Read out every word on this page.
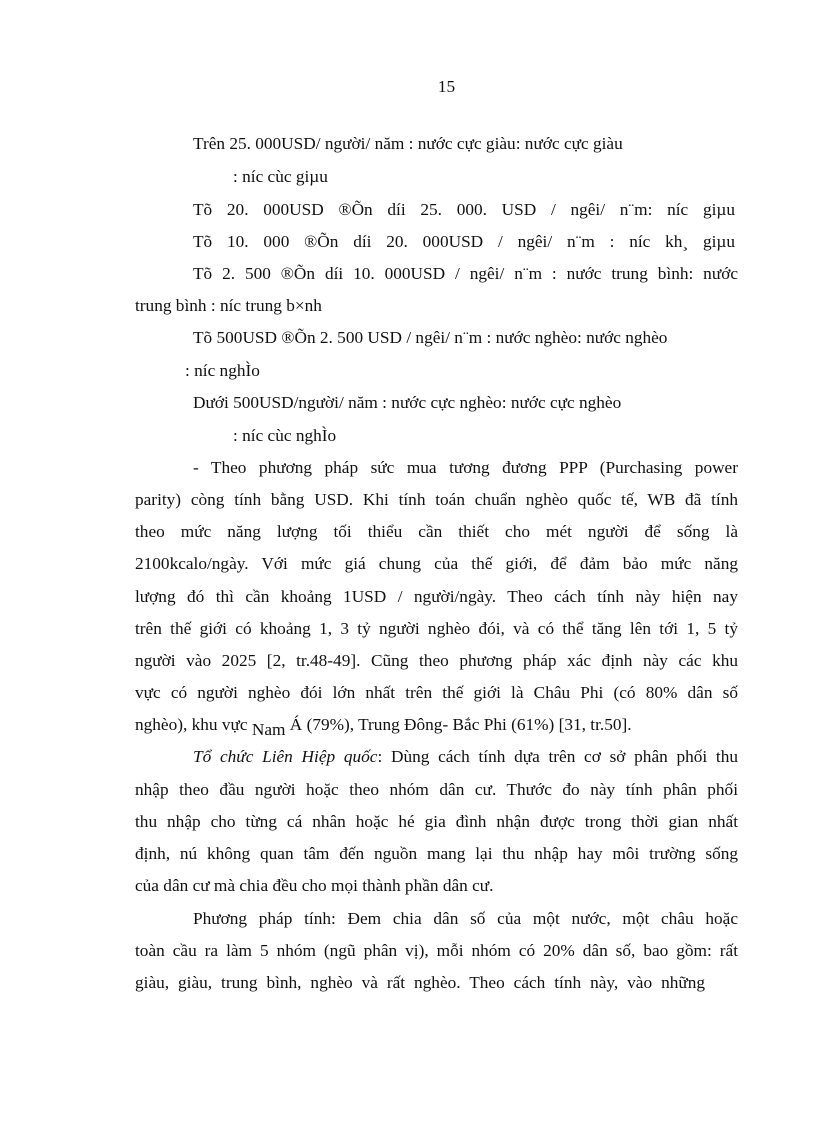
15
Trên 25. 000USD/ người/ năm : nước cực giàu: nước cực giàu
: níc cùc giµu
Tõ 20. 000USD ®Õn díi 25. 000. USD / ngêi/ n¨m: níc giµu
Tõ 10. 000 ®Õn díi 20. 000USD / ngêi/ n¨m : níc kh¸ giµu
Tõ 2. 500 ®Õn díi 10. 000USD / ngêi/ n¨m : nước trung bình: nước
trung bình : níc trung b×nh
Tõ 500USD ®Õn 2. 500 USD / ngêi/ n¨m : nước nghèo: nước nghèo
: níc nghÌo
Dưới 500USD/người/ năm : nước cực nghèo: nước cực nghèo
: níc cùc nghÌo
- Theo phương pháp sức mua tương đương PPP (Purchasing power
parity) còng tính bằng USD. Khi tính toán chuẩn nghèo quốc tế, WB đã tính
theo mức năng lượng tối thiểu cần thiết cho mét người để sống là
2100kcalo/ngày. Với mức giá chung của thế giới, để đảm bảo mức năng
lượng đó thì cần khoảng 1USD / người/ngày. Theo cách tính này hiện nay
trên thế giới có khoảng 1, 3 tỷ người nghèo đói, và có thể tăng lên tới 1, 5 tỷ
người vào 2025 [2, tr.48-49]. Cũng theo phương pháp xác định này các khu
vực có người nghèo đói lớn nhất trên thế giới là Châu Phi (có 80% dân số
nghèo), khu vực Nam Á (79%), Trung Đông- Bắc Phi (61%) [31, tr.50].
Tổ chức Liên Hiệp quốc: Dùng cách tính dựa trên cơ sở phân phối thu
nhập theo đầu người hoặc theo nhóm dân cư. Thước đo này tính phân phối
thu nhập cho từng cá nhân hoặc hé gia đình nhận được trong thời gian nhất
định, nú không quan tâm đến nguồn mang lại thu nhập hay môi trường sống
của dân cư mà chia đều cho mọi thành phần dân cư.
Phương pháp tính: Đem chia dân số của một nước, một châu hoặc
toàn cầu ra làm 5 nhóm (ngũ phân vị), mỗi nhóm có 20% dân số, bao gồm: rất
giàu, giàu, trung bình, nghèo và rất nghèo. Theo cách tính này, vào những
